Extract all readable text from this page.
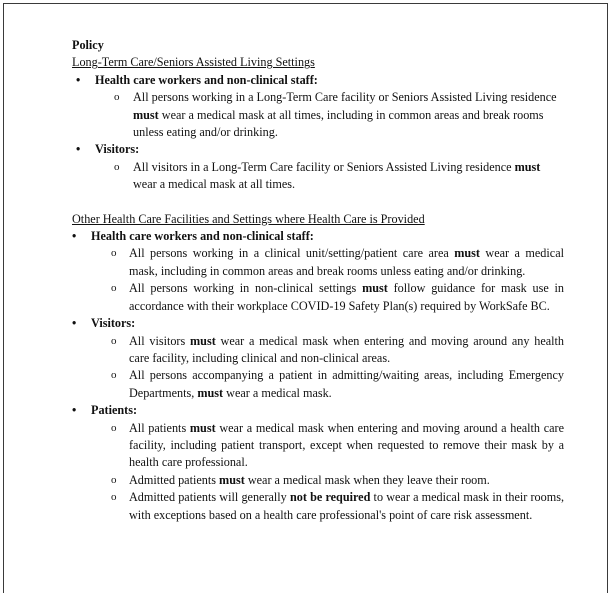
Policy
Long-Term Care/Seniors Assisted Living Settings
• Health care workers and non-clinical staff:
o All persons working in a Long-Term Care facility or Seniors Assisted Living residence must wear a medical mask at all times, including in common areas and break rooms unless eating and/or drinking.
• Visitors:
o All visitors in a Long-Term Care facility or Seniors Assisted Living residence must wear a medical mask at all times.
Other Health Care Facilities and Settings where Health Care is Provided
• Health care workers and non-clinical staff:
o All persons working in a clinical unit/setting/patient care area must wear a medical mask, including in common areas and break rooms unless eating and/or drinking.
o All persons working in non-clinical settings must follow guidance for mask use in accordance with their workplace COVID-19 Safety Plan(s) required by WorkSafe BC.
• Visitors:
o All visitors must wear a medical mask when entering and moving around any health care facility, including clinical and non-clinical areas.
o All persons accompanying a patient in admitting/waiting areas, including Emergency Departments, must wear a medical mask.
• Patients:
o All patients must wear a medical mask when entering and moving around a health care facility, including patient transport, except when requested to remove their mask by a health care professional.
o Admitted patients must wear a medical mask when they leave their room.
o Admitted patients will generally not be required to wear a medical mask in their rooms, with exceptions based on a health care professional's point of care risk assessment.
